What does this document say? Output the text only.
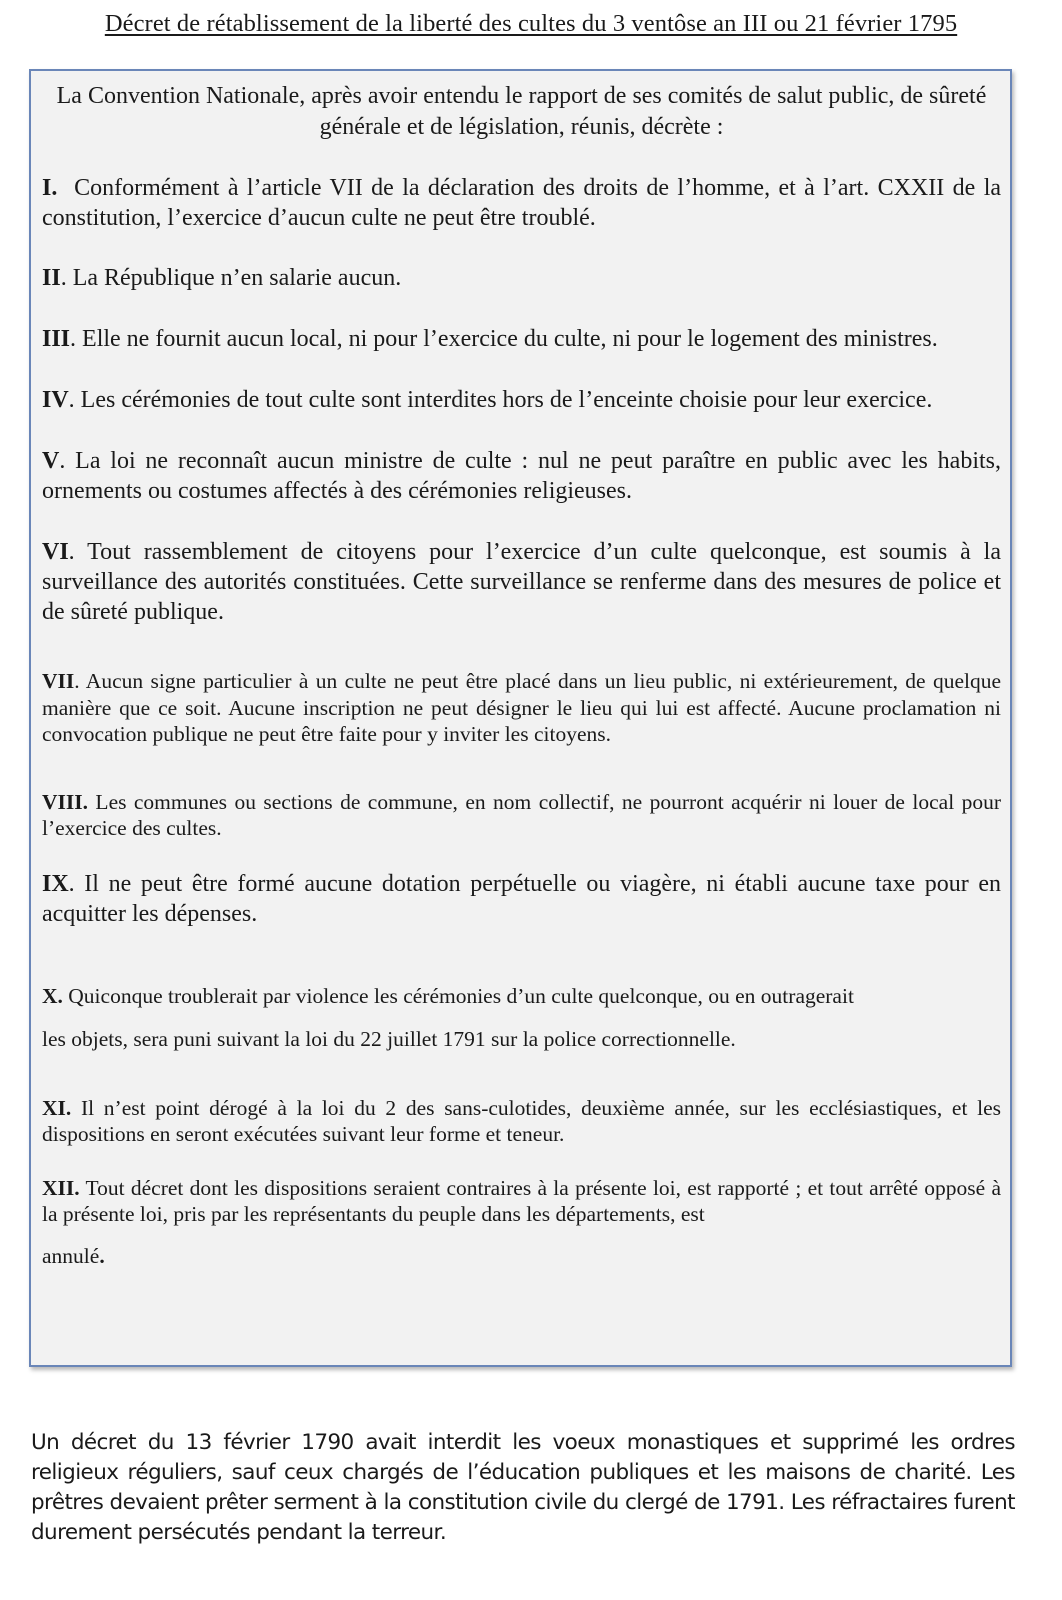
Décret de rétablissement de la liberté des cultes du 3 ventôse an III ou 21 février 1795

La Convention Nationale, après avoir entendu le rapport de ses comités de salut public, de sûreté générale et de législation, réunis, décrète :

I. Conformément à l’article VII de la déclaration des droits de l’homme, et à l’art. CXXII de la constitution, l’exercice d’aucun culte ne peut être troublé.

II. La République n’en salarie aucun.

III. Elle ne fournit aucun local, ni pour l’exercice du culte, ni pour le logement des ministres.

IV. Les cérémonies de tout culte sont interdites hors de l’enceinte choisie pour leur exercice.

V. La loi ne reconnaît aucun ministre de culte : nul ne peut paraître en public avec les habits, ornements ou costumes affectés à des cérémonies religieuses.

VI. Tout rassemblement de citoyens pour l’exercice d’un culte quelconque, est soumis à la surveillance des autorités constituées. Cette surveillance se renferme dans des mesures de police et de sûreté publique.

VII. Aucun signe particulier à un culte ne peut être placé dans un lieu public, ni extérieurement, de quelque manière que ce soit. Aucune inscription ne peut désigner le lieu qui lui est affecté. Aucune proclamation ni convocation publique ne peut être faite pour y inviter les citoyens.

VIII. Les communes ou sections de commune, en nom collectif, ne pourront acquérir ni louer de local pour l’exercice des cultes.

IX. Il ne peut être formé aucune dotation perpétuelle ou viagère, ni établi aucune taxe pour en acquitter les dépenses.

X. Quiconque troublerait par violence les cérémonies d’un culte quelconque, ou en outragerait
les objets, sera puni suivant la loi du 22 juillet 1791 sur la police correctionnelle.

XI. Il n’est point dérogé à la loi du 2 des sans-culotides, deuxième année, sur les ecclésiastiques, et les dispositions en seront exécutées suivant leur forme et teneur.

XII. Tout décret dont les dispositions seraient contraires à la présente loi, est rapporté ; et tout arrêté opposé à la présente loi, pris par les représentants du peuple dans les départements, est
annulé.

Un décret du 13 février 1790 avait interdit les voeux monastiques et supprimé les ordres religieux réguliers, sauf ceux chargés de l’éducation publiques et les maisons de charité. Les prêtres devaient prêter serment à la constitution civile du clergé de 1791. Les réfractaires furent durement persécutés pendant la terreur.
